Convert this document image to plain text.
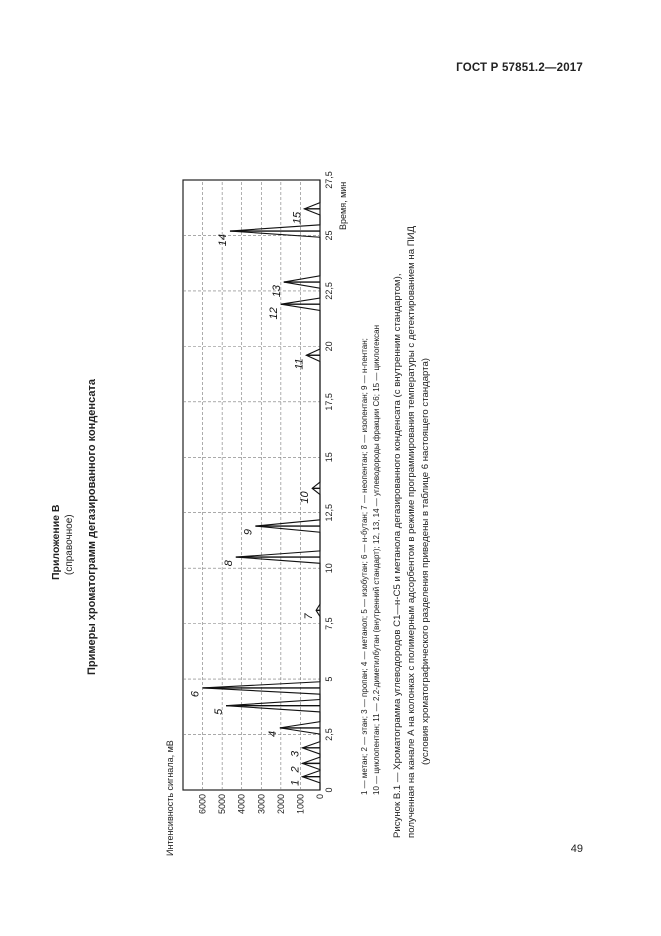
ГОСТ Р 57851.2—2017
Приложение В (справочное) Примеры хроматограмм дегазированного конденсата
0
2,5
5
7,5
10
12,5
15
17,5
20
22,5
25
27,5
0
1000
2000
3000
4000
5000
6000
Интенсивность сигнала, мВ
Время, мин
1
2
3
4
5
6
7
8
9
10
11
12
13
14
15
1 — метан; 2 — этан; 3 — пропан; 4 — метанол; 5 — изобутан; 6 — н-бутан; 7 — неопентан; 8 — изопентан; 9 — н-пентан; 10 — циклопентан; 11 — 2,2-диметилбутан (внутренний стандарт); 12, 13, 14 — углеводороды фракции С6; 15 — циклогексан Рисунок В.1 — Хроматограмма углеводородов С1—н-С5 и метанола дегазированного конденсата (с внутренним стандартом), полученная на канале А на колонках с полимерным адсорбентом в режиме программирования температуры с детектированием на ПИД (условия хроматографического разделения приведены в таблице 6 настоящего стандарта)
49
